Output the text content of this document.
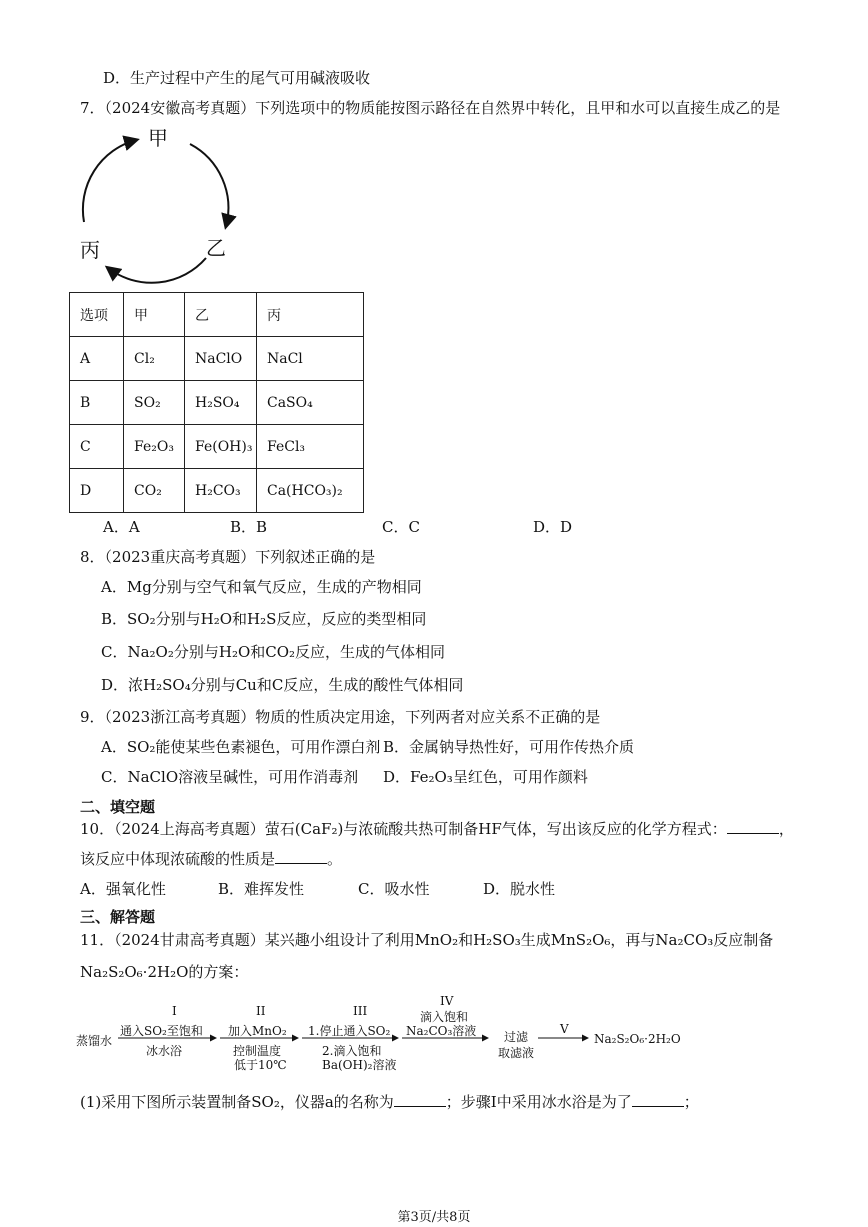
D．生产过程中产生的尾气可用碱液吸收
7．（2024安徽高考真题）下列选项中的物质能按图示路径在自然界中转化，且甲和水可以直接生成乙的是
甲
乙
丙
选项	甲	乙	丙
A	Cl₂	NaClO	NaCl
B	SO₂	H₂SO₄	CaSO₄
C	Fe₂O₃	Fe(OH)₃	FeCl₃
D	CO₂	H₂CO₃	Ca(HCO₃)₂
A．A	B．B	C．C	D．D
8．（2023重庆高考真题）下列叙述正确的是
A．Mg分别与空气和氧气反应，生成的产物相同
B．SO₂分别与H₂O和H₂S反应，反应的类型相同
C．Na₂O₂分别与H₂O和CO₂反应，生成的气体相同
D．浓H₂SO₄分别与Cu和C反应，生成的酸性气体相同
9．（2023浙江高考真题）物质的性质决定用途，下列两者对应关系不正确的是
A．SO₂能使某些色素褪色，可用作漂白剂 B．金属钠导热性好，可用作传热介质
C．NaClO溶液呈碱性，可用作消毒剂 D．Fe₂O₃呈红色，可用作颜料
二、填空题
10．（2024上海高考真题）萤石(CaF₂)与浓硫酸共热可制备HF气体，写出该反应的化学方程式：	，
该反应中体现浓硫酸的性质是	。
A．强氧化性	B．难挥发性	C．吸水性	D．脱水性
三、解答题
11．（2024甘肃高考真题）某兴趣小组设计了利用MnO₂和H₂SO₃生成MnS₂O₆，再与Na₂CO₃反应制备
Na₂S₂O₆·2H₂O的方案：
蒸馏水
I
通入SO₂至饱和
冰水浴
II
加入MnO₂
控制温度
低于10℃
III
1.停止通入SO₂
2.滴入饱和
Ba(OH)₂溶液
IV
滴入饱和
Na₂CO₃溶液 过滤
取滤液
V
Na₂S₂O₆·2H₂O
(1)采用下图所示装置制备SO₂，仪器a的名称为	；步骤I中采用冰水浴是为了	；
第3页/共8页
